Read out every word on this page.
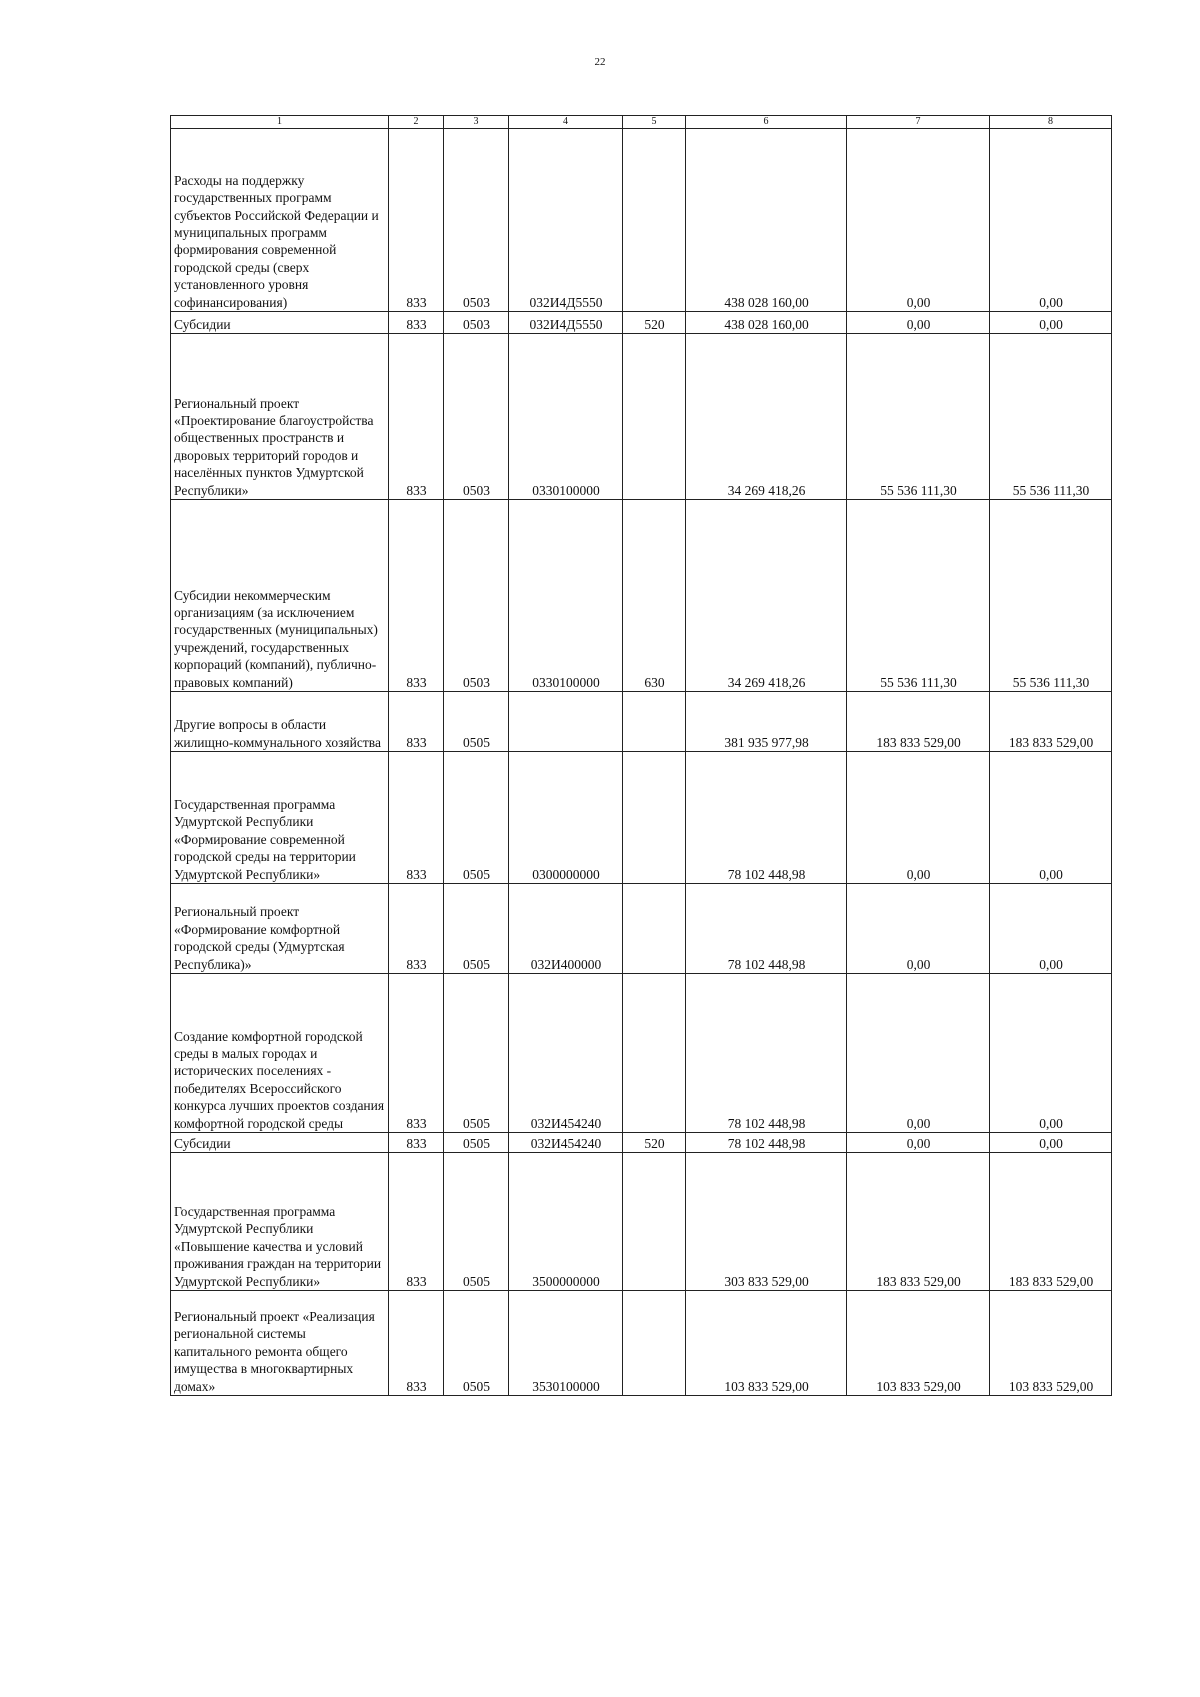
22
1	2	3	4	5	6	7	8
Расходы на поддержку государственных программ субъектов Российской Федерации и муниципальных программ формирования современной городской среды (сверх установленного уровня софинансирования)	833	0503	032И4Д5550		438 028 160,00	0,00	0,00
Субсидии	833	0503	032И4Д5550	520	438 028 160,00	0,00	0,00
Региональный проект «Проектирование благоустройства общественных пространств и дворовых территорий городов и населённых пунктов Удмуртской Республики»	833	0503	0330100000		34 269 418,26	55 536 111,30	55 536 111,30
Субсидии некоммерческим организациям (за исключением государственных (муниципальных) учреждений, государственных корпораций (компаний), публично-правовых компаний)	833	0503	0330100000	630	34 269 418,26	55 536 111,30	55 536 111,30
Другие вопросы в области жилищно-коммунального хозяйства	833	0505			381 935 977,98	183 833 529,00	183 833 529,00
Государственная программа Удмуртской Республики «Формирование современной городской среды на территории Удмуртской Республики»	833	0505	0300000000		78 102 448,98	0,00	0,00
Региональный проект «Формирование комфортной городской среды (Удмуртская Республика)»	833	0505	032И400000		78 102 448,98	0,00	0,00
Создание комфортной городской среды в малых городах и исторических поселениях - победителях Всероссийского конкурса лучших проектов создания комфортной городской среды	833	0505	032И454240		78 102 448,98	0,00	0,00
Субсидии	833	0505	032И454240	520	78 102 448,98	0,00	0,00
Государственная программа Удмуртской Республики «Повышение качества и условий проживания граждан на территории Удмуртской Республики»	833	0505	3500000000		303 833 529,00	183 833 529,00	183 833 529,00
Региональный проект «Реализация региональной системы капитального ремонта общего имущества в многоквартирных домах»	833	0505	3530100000		103 833 529,00	103 833 529,00	103 833 529,00
